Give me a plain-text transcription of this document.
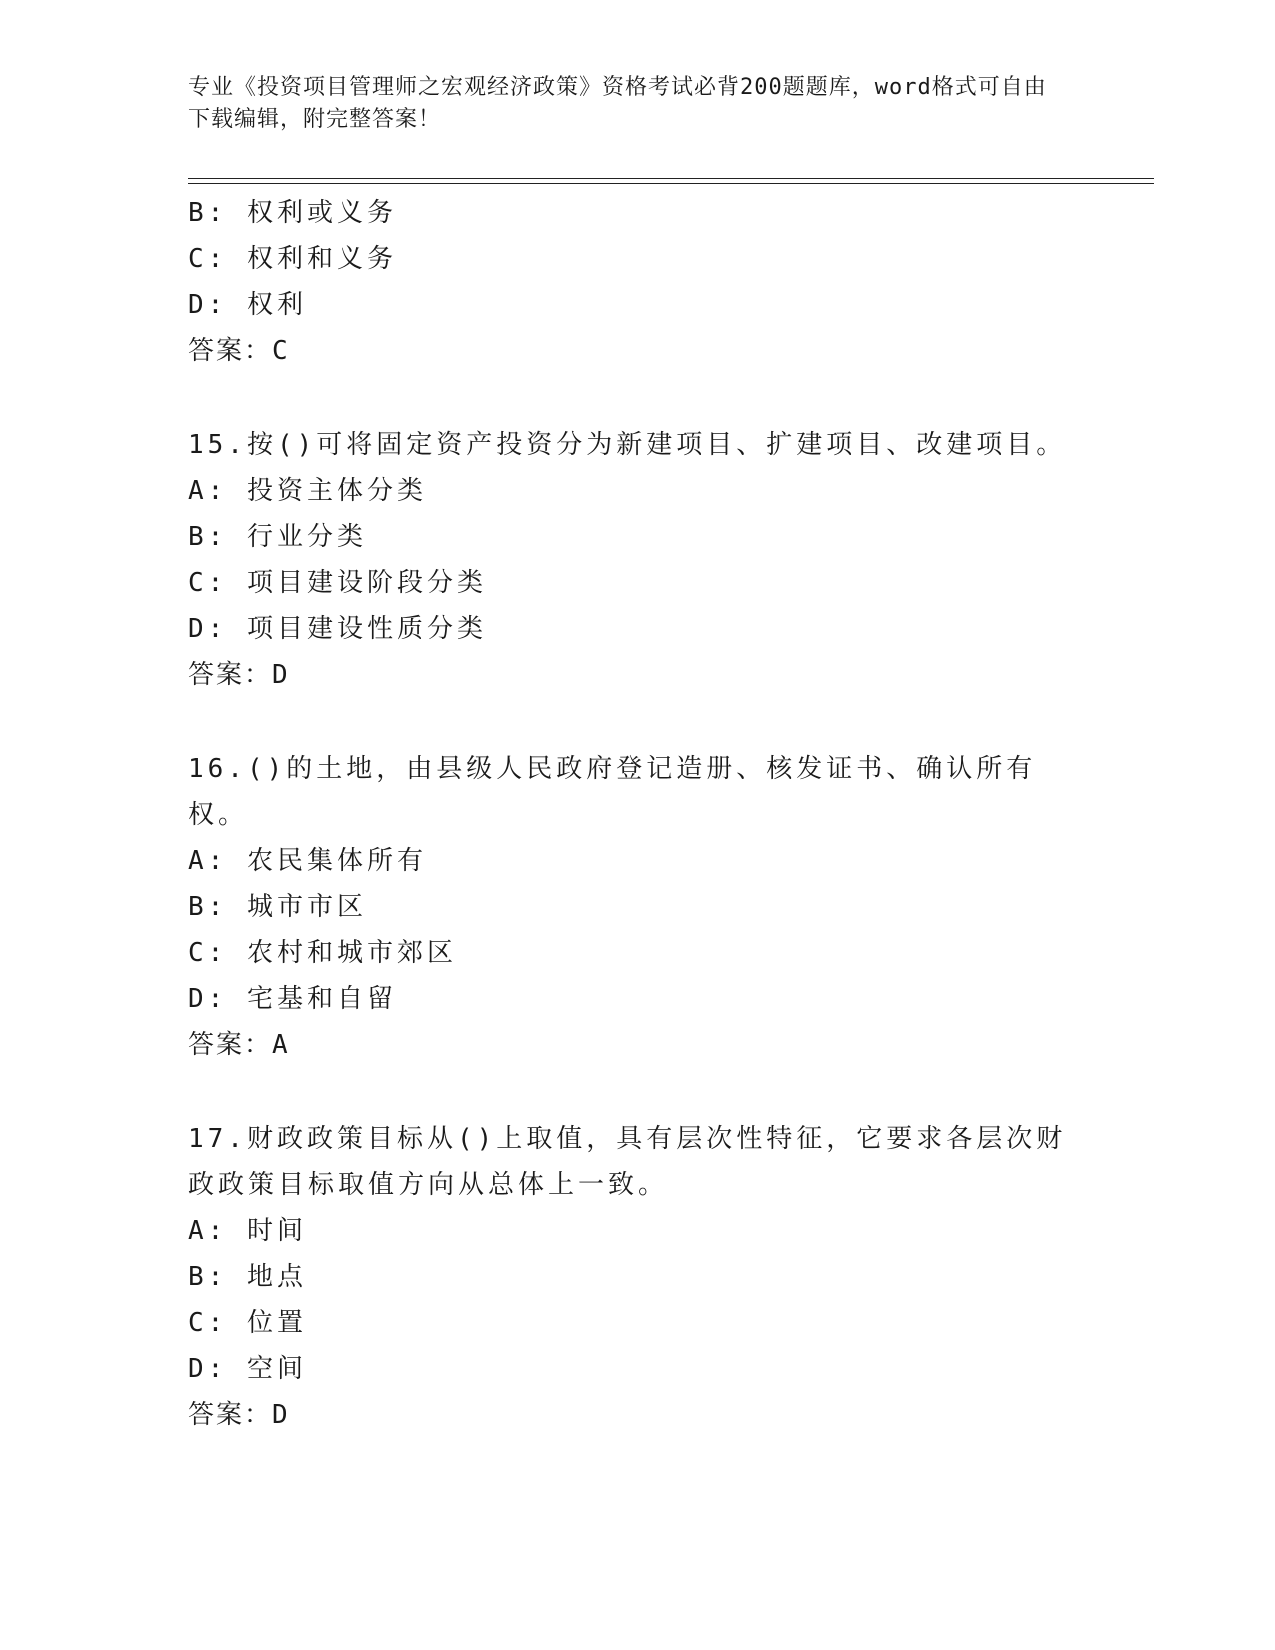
专业《投资项目管理师之宏观经济政策》资格考试必背200题题库，word格式可自由下载编辑，附完整答案！
B: 权利或义务
C: 权利和义务
D: 权利
答案：C
15.按()可将固定资产投资分为新建项目、扩建项目、改建项目。
A: 投资主体分类
B: 行业分类
C: 项目建设阶段分类
D: 项目建设性质分类
答案：D
16.()的土地，由县级人民政府登记造册、核发证书、确认所有权。
A: 农民集体所有
B: 城市市区
C: 农村和城市郊区
D: 宅基和自留
答案：A
17.财政政策目标从()上取值，具有层次性特征，它要求各层次财政政策目标取值方向从总体上一致。
A: 时间
B: 地点
C: 位置
D: 空间
答案：D
